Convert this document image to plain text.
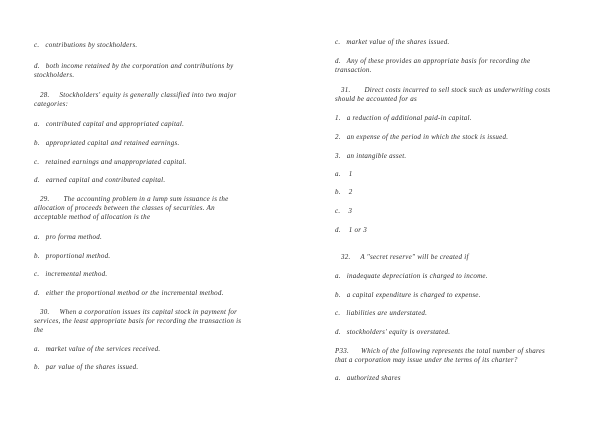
c.   contributions by stockholders.
d.   both income retained by the corporation and contributions by
stockholders.
28.     Stockholders' equity is generally classified into two major
categories:
a.   contributed capital and appropriated capital.
b.   appropriated capital and retained earnings.
c.   retained earnings and unappropriated capital.
d.   earned capital and contributed capital.
29.       The accounting problem in a lump sum issuance is the
allocation of proceeds between the classes of securities. An
acceptable method of allocation is the
a.   pro forma method.
b.   proportional method.
c.   incremental method.
d.   either the proportional method or the incremental method.
30.     When a corporation issues its capital stock in payment for
services, the least appropriate basis for recording the transaction is
the
a.   market value of the services received.
b.   par value of the shares issued.
c.   market value of the shares issued.
d.   Any of these provides an appropriate basis for recording the
transaction.
31.       Direct costs incurred to sell stock such as underwriting costs
should be accounted for as
1.   a reduction of additional paid-in capital.
2.   an expense of the period in which the stock is issued.
3.   an intangible asset.
a.    1
b.    2
c.    3
d.    1 or 3
32.     A "secret reserve" will be created if
a.   inadequate depreciation is charged to income.
b.   a capital expenditure is charged to expense.
c.   liabilities are understated.
d.   stockholders' equity is overstated.
P33.      Which of the following represents the total number of shares
that a corporation may issue under the terms of its charter?
a.   authorized shares
